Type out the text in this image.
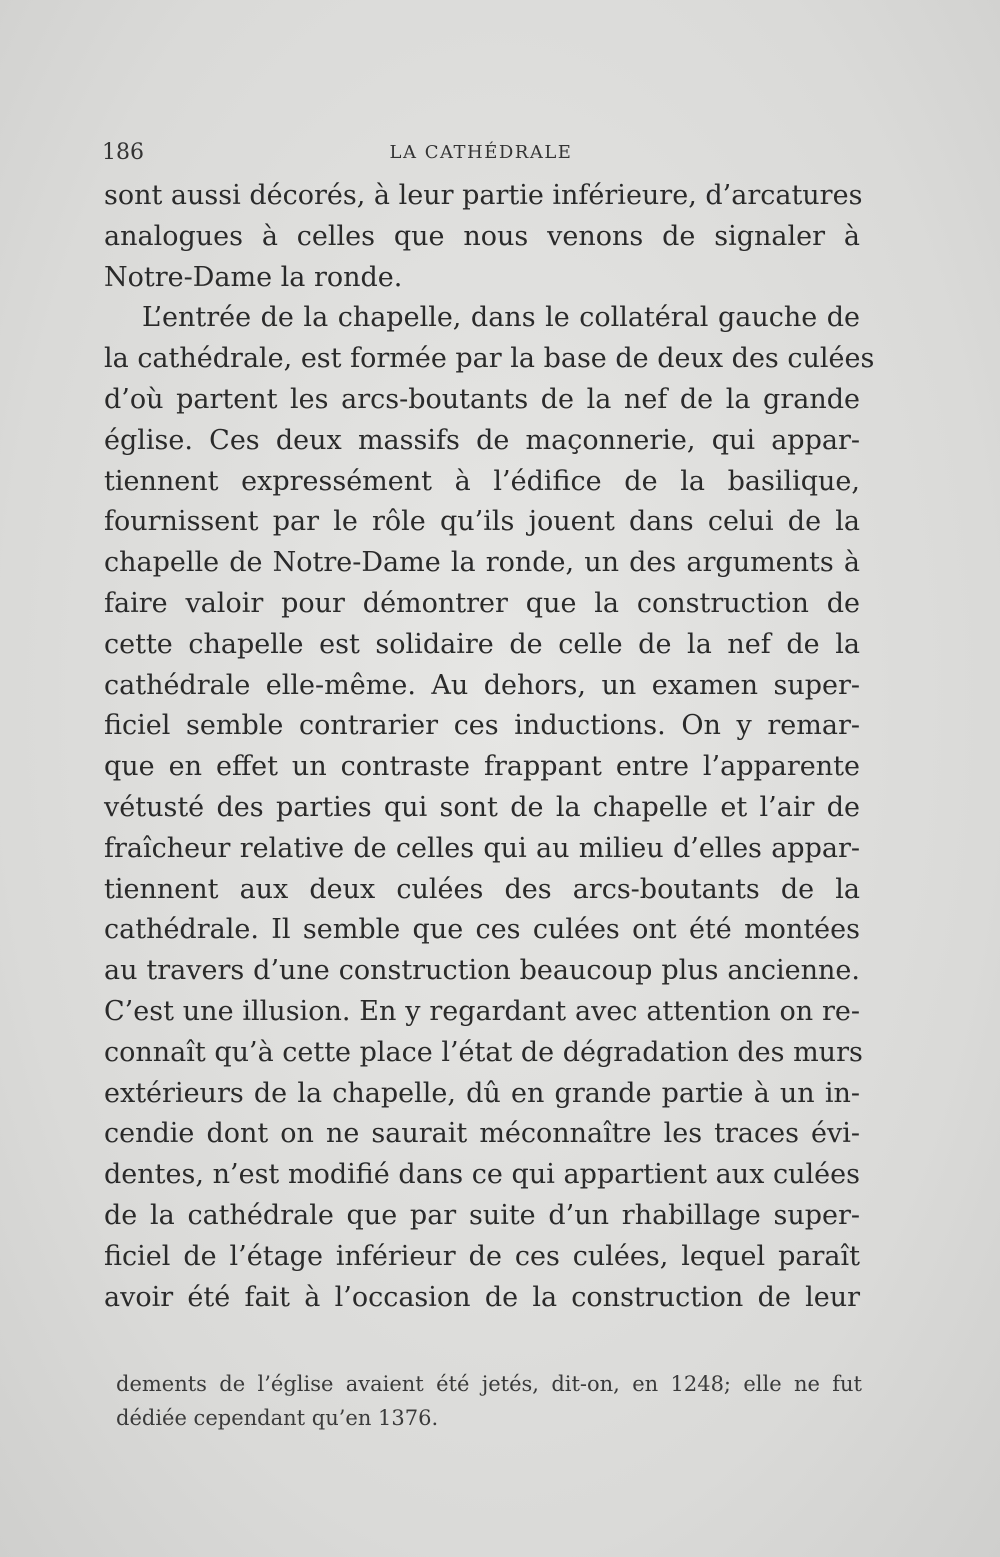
186	LA CATHÉDRALE
sont aussi décorés, à leur partie inférieure, d’arcatures
analogues à celles que nous venons de signaler à
Notre-Dame la ronde.
L’entrée de la chapelle, dans le collatéral gauche de
la cathédrale, est formée par la base de deux des culées
d’où partent les arcs-boutants de la nef de la grande
église. Ces deux massifs de maçonnerie, qui appar-
tiennent expressément à l’édifice de la basilique,
fournissent par le rôle qu’ils jouent dans celui de la
chapelle de Notre-Dame la ronde, un des arguments à
faire valoir pour démontrer que la construction de
cette chapelle est solidaire de celle de la nef de la
cathédrale elle-même. Au dehors, un examen super-
ficiel semble contrarier ces inductions. On y remar-
que en effet un contraste frappant entre l’apparente
vétusté des parties qui sont de la chapelle et l’air de
fraîcheur relative de celles qui au milieu d’elles appar-
tiennent aux deux culées des arcs-boutants de la
cathédrale. Il semble que ces culées ont été montées
au travers d’une construction beaucoup plus ancienne.
C’est une illusion. En y regardant avec attention on re-
connaît qu’à cette place l’état de dégradation des murs
extérieurs de la chapelle, dû en grande partie à un in-
cendie dont on ne saurait méconnaître les traces évi-
dentes, n’est modifié dans ce qui appartient aux culées
de la cathédrale que par suite d’un rhabillage super-
ficiel de l’étage inférieur de ces culées, lequel paraît
avoir été fait à l’occasion de la construction de leur
dements de l’église avaient été jetés, dit-on, en 1248; elle ne fut
dédiée cependant qu’en 1376.
